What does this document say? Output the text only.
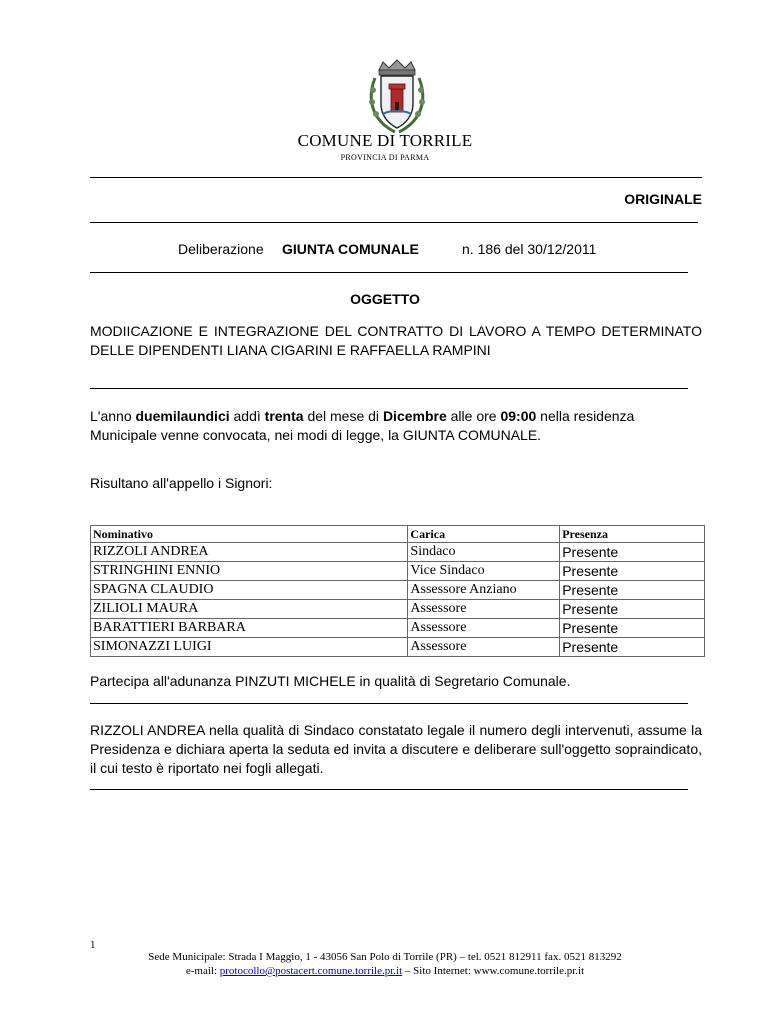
COMUNE DI TORRILE
PROVINCIA DI PARMA
ORIGINALE
Deliberazione GIUNTA COMUNALE	n. 186 del 30/12/2011
OGGETTO
MODIICAZIONE E INTEGRAZIONE DEL CONTRATTO DI LAVORO A TEMPO DETERMINATO DELLE DIPENDENTI LIANA CIGARINI E RAFFAELLA RAMPINI
L'anno duemilaundici addì trenta del mese di Dicembre alle ore 09:00 nella residenza
Municipale venne convocata, nei modi di legge, la GIUNTA COMUNALE.
Risultano all'appello i Signori:
Nominativo	Carica	Presenza
RIZZOLI ANDREA	Sindaco	Presente
STRINGHINI ENNIO	Vice Sindaco	Presente
SPAGNA CLAUDIO	Assessore Anziano	Presente
ZILIOLI MAURA	Assessore	Presente
BARATTIERI BARBARA	Assessore	Presente
SIMONAZZI LUIGI	Assessore	Presente
Partecipa all'adunanza PINZUTI MICHELE in qualità di Segretario Comunale.
RIZZOLI ANDREA nella qualità di Sindaco constatato legale il numero degli intervenuti, assume la Presidenza e dichiara aperta la seduta ed invita a discutere e deliberare sull'oggetto sopraindicato, il cui testo è riportato nei fogli allegati.
1
Sede Municipale: Strada I Maggio, 1 - 43056 San Polo di Torrile (PR) – tel. 0521 812911 fax. 0521 813292
e-mail: protocollo@postacert.comune.torrile.pr.it – Sito Internet: www.comune.torrile.pr.it
